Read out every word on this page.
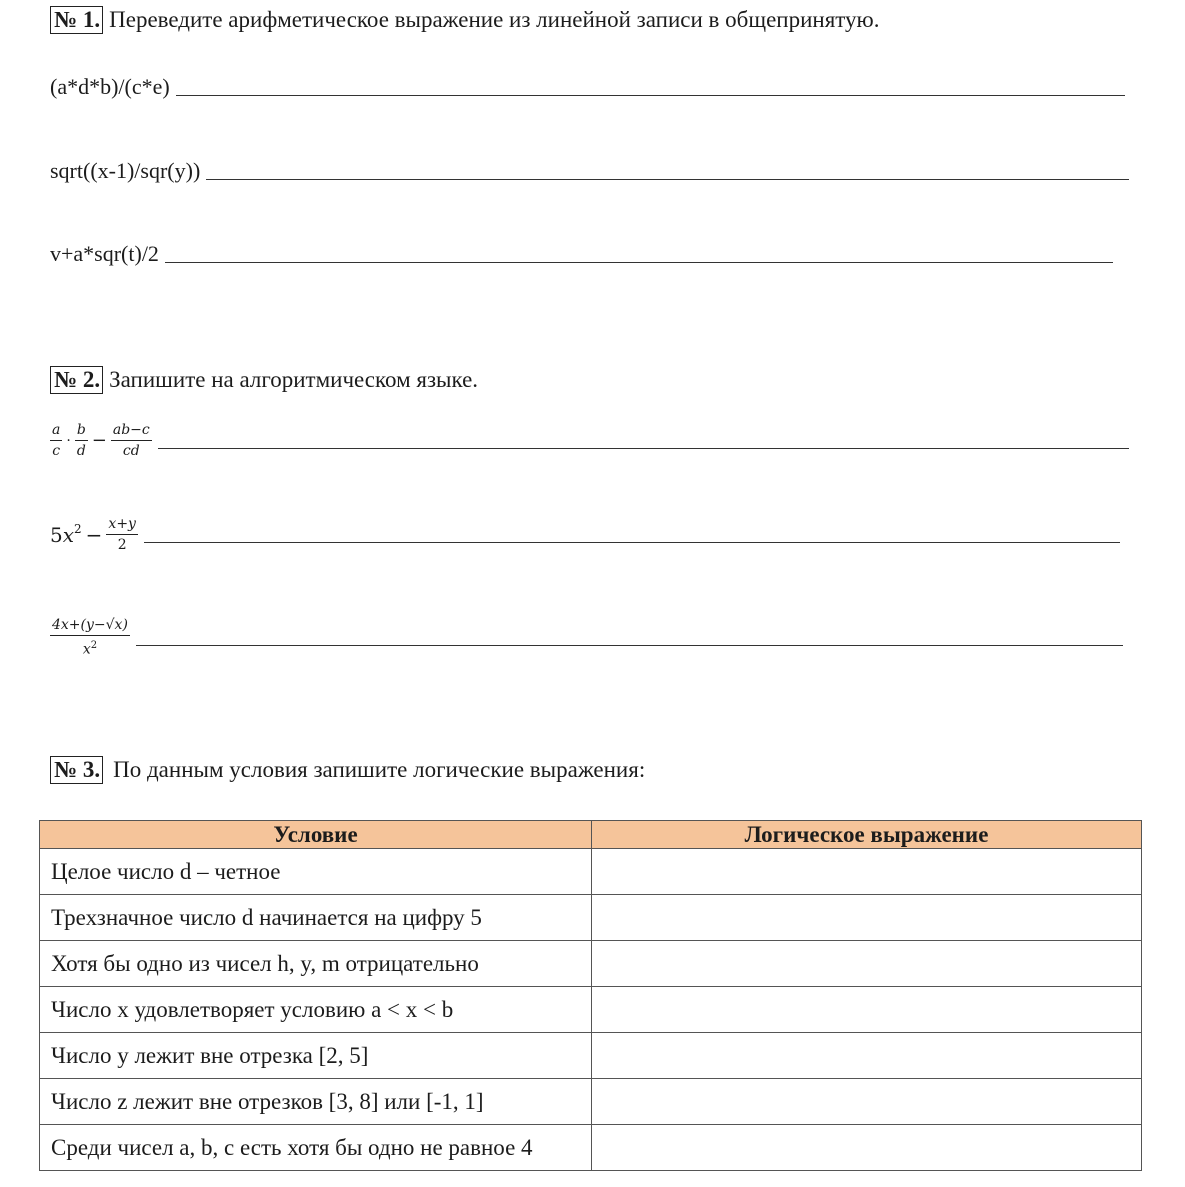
№ 1. Переведите арифметическое выражение из линейной записи в общепринятую.
(a*d*b)/(c*e)
sqrt((x-1)/sqr(y))
v+a*sqr(t)/2
№ 2. Запишите на алгоритмическом языке.
$\frac{a}{c} \cdot \frac{b}{d} - \frac{ab-c}{cd}$
5 $x^2 - \frac{x+y}{2}$
$\frac{4x+(y-√x)}{x^2}$
№ 3. По данным условия запишите логические выражения:
Условие	Логическое выражение
Целое число d – четное	
Трехзначное число d начинается на цифру 5	
Хотя бы одно из чисел h, y, m отрицательно	
Число x удовлетворяет условию a < x < b	
Число y лежит вне отрезка [2, 5]	
Число z лежит вне отрезков [3, 8] или [-1, 1]	
Среди чисел a, b, c есть хотя бы одно не равное 4	
